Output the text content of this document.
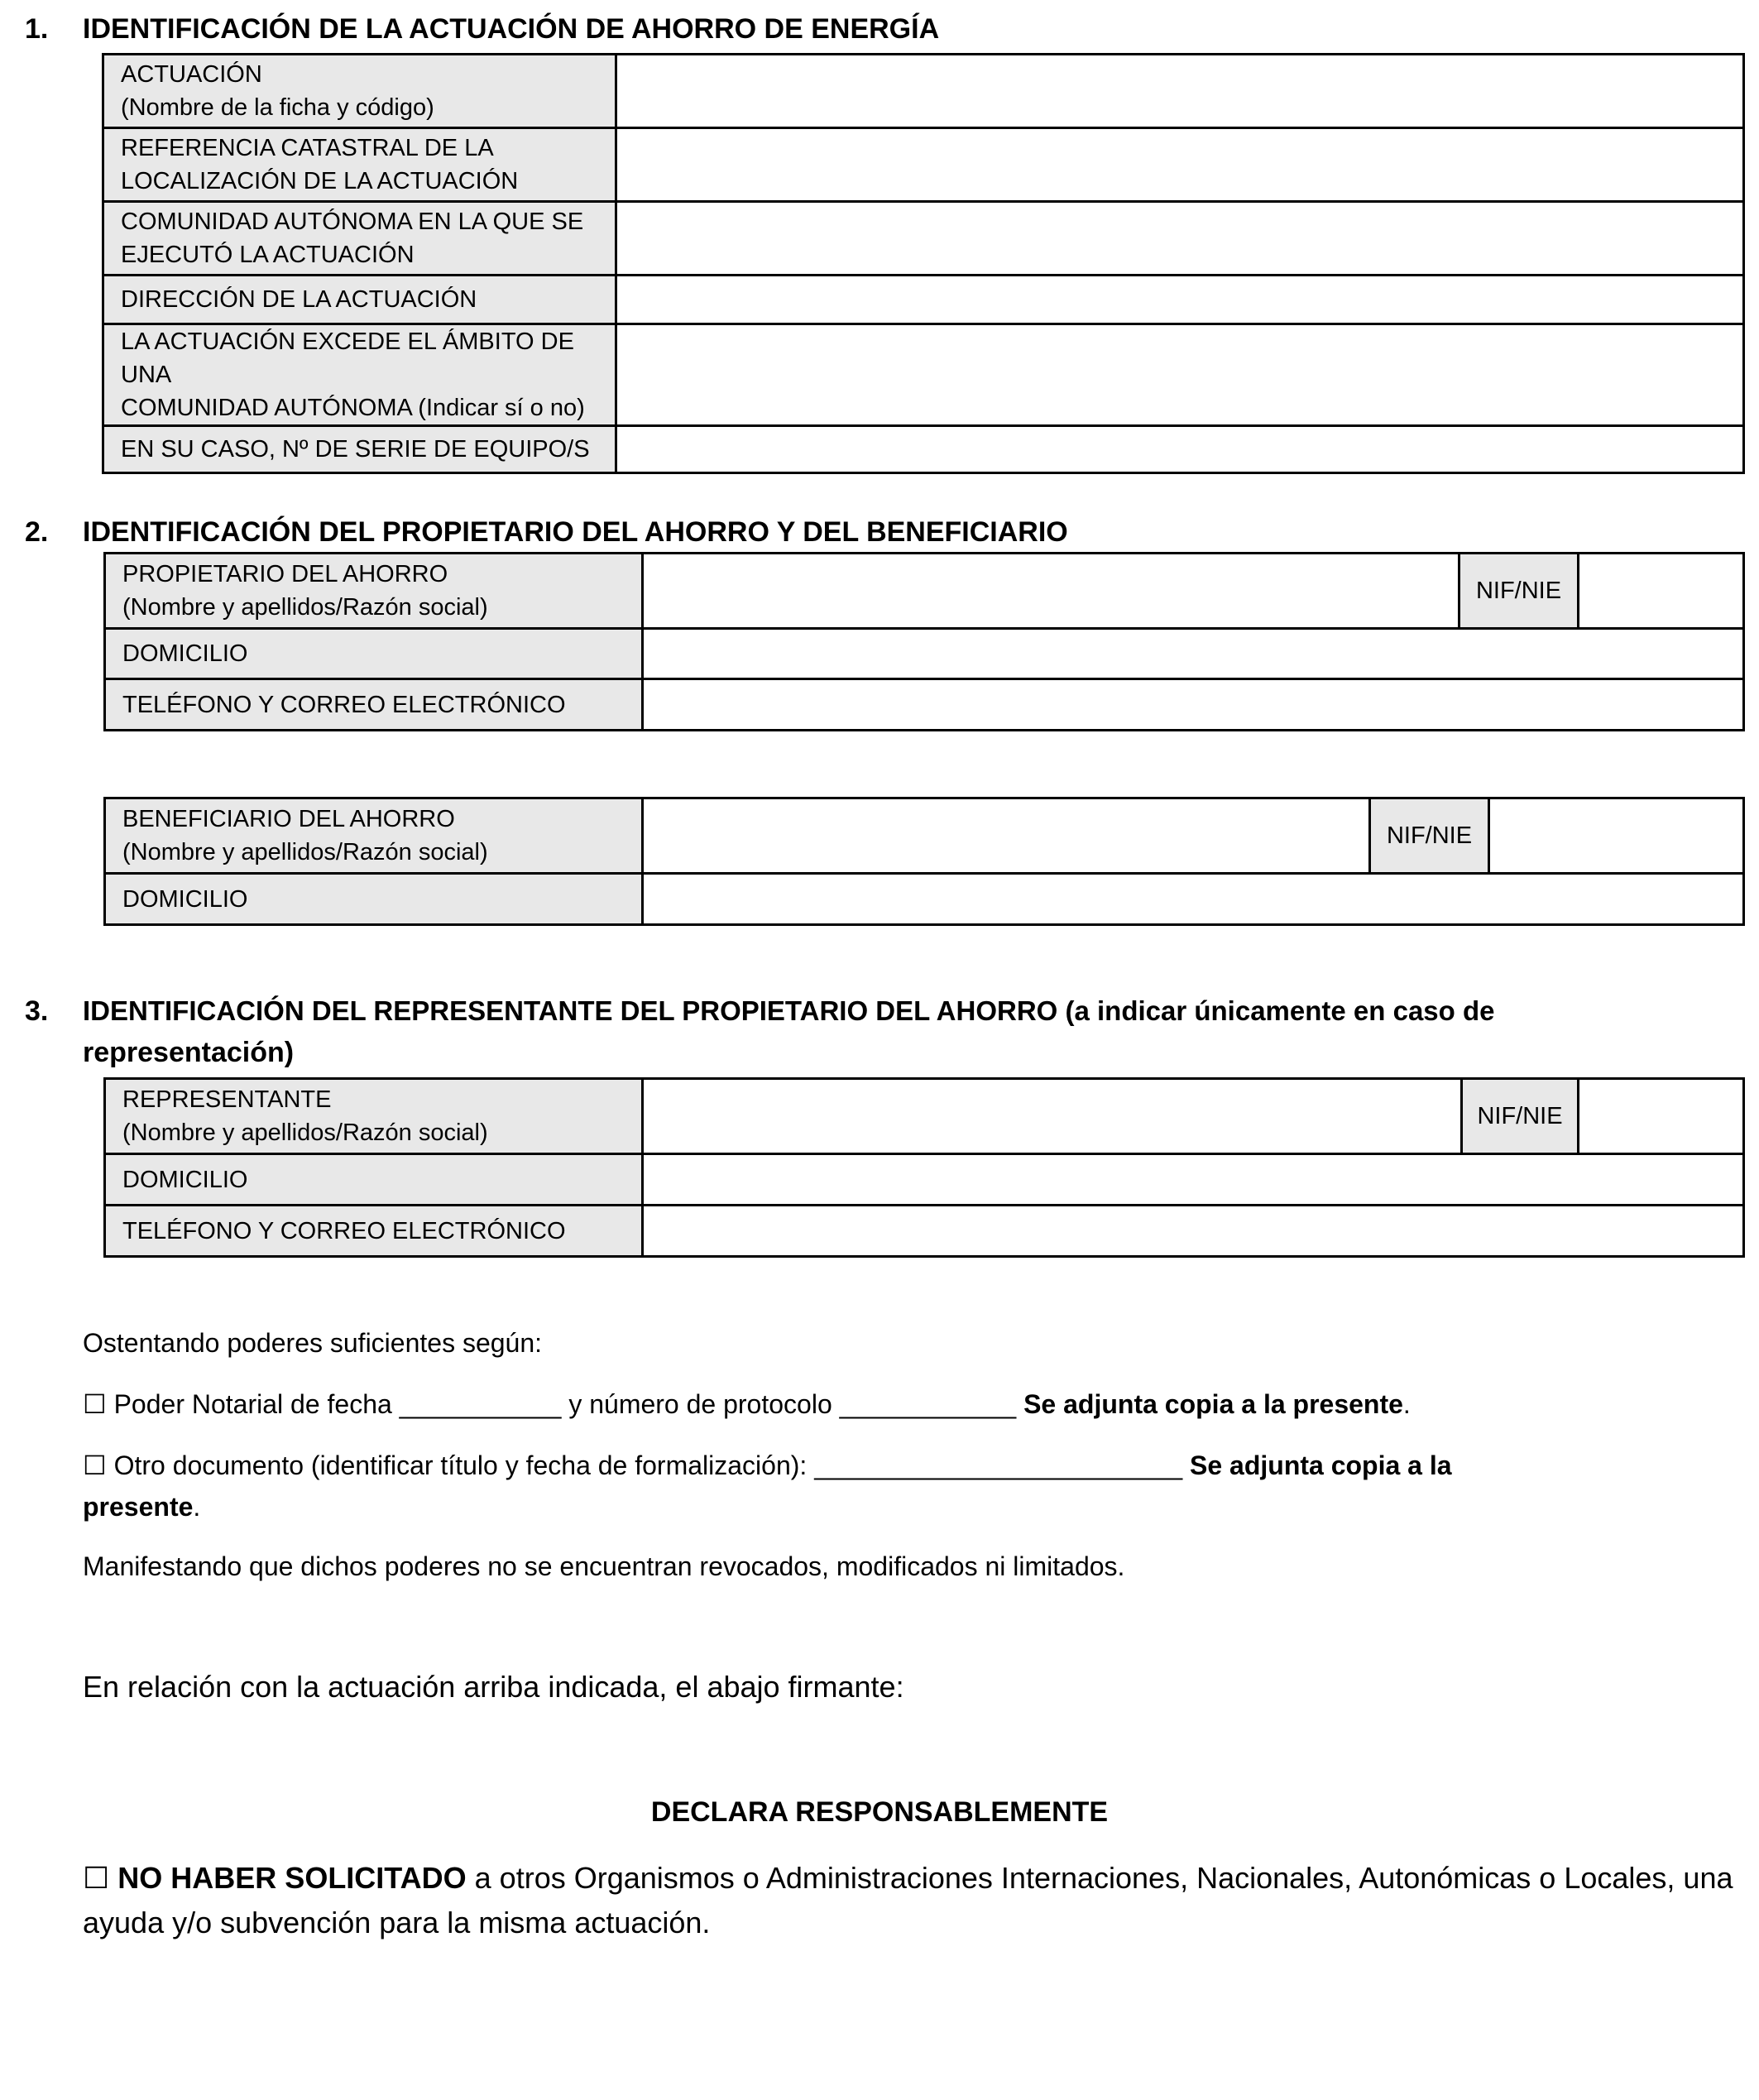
1. IDENTIFICACIÓN DE LA ACTUACIÓN DE AHORRO DE ENERGÍA
ACTUACIÓN
(Nombre de la ficha y código)	

REFERENCIA CATASTRAL DE LA
LOCALIZACIÓN DE LA ACTUACIÓN	

COMUNIDAD AUTÓNOMA EN LA QUE SE
EJECUTÓ LA ACTUACIÓN	

DIRECCIÓN DE LA ACTUACIÓN	

LA ACTUACIÓN EXCEDE EL ÁMBITO DE UNA
COMUNIDAD AUTÓNOMA (Indicar sí o no)	

EN SU CASO, Nº DE SERIE DE EQUIPO/S	

2. IDENTIFICACIÓN DEL PROPIETARIO DEL AHORRO Y DEL BENEFICIARIO
PROPIETARIO DEL AHORRO
(Nombre y apellidos/Razón social)		NIF/NIE	
DOMICILIO			
TELÉFONO Y CORREO ELECTRÓNICO			
BENEFICIARIO DEL AHORRO
(Nombre y apellidos/Razón social)		NIF/NIE	
DOMICILIO			
3. IDENTIFICACIÓN DEL REPRESENTANTE DEL PROPIETARIO DEL AHORRO (a indicar únicamente en caso de
representación)
REPRESENTANTE
(Nombre y apellidos/Razón social)		NIF/NIE	
DOMICILIO			
TELÉFONO Y CORREO ELECTRÓNICO			
Ostentando poderes suficientes según:
☐ Poder Notarial de fecha ___________ y número de protocolo ____________ Se adjunta copia a la presente.
☐ Otro documento (identificar título y fecha de formalización): _________________________ Se adjunta copia a la
presente.
Manifestando que dichos poderes no se encuentran revocados, modificados ni limitados.
En relación con la actuación arriba indicada, el abajo firmante:
DECLARA RESPONSABLEMENTE
☐ NO HABER SOLICITADO a otros Organismos o Administraciones Internaciones, Nacionales, Autonómicas o Locales, una
ayuda y/o subvención para la misma actuación.
